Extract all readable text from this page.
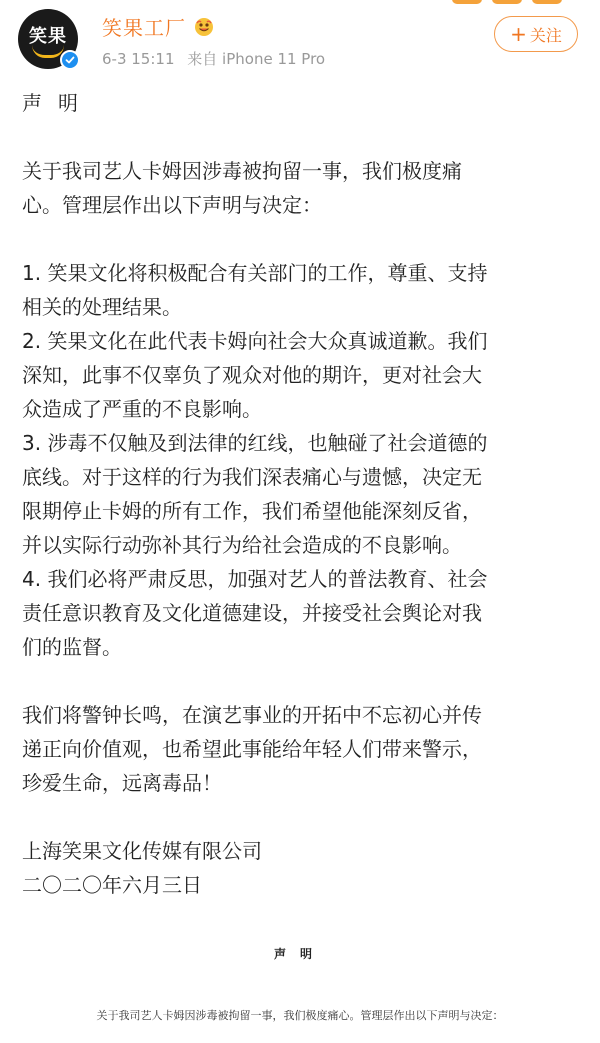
笑果 笑果工厂
6-3 15:11 来自 iPhone 11 Pro
+ 关注

声明

关于我司艺人卡姆因涉毒被拘留一事，我们极度痛

心。管理层作出以下声明与决定：

1. 笑果文化将积极配合有关部门的工作，尊重、支持

相关的处理结果。

2. 笑果文化在此代表卡姆向社会大众真诚道歉。我们

深知，此事不仅辜负了观众对他的期许，更对社会大

众造成了严重的不良影响。

3. 涉毒不仅触及到法律的红线，也触碰了社会道德的

底线。对于这样的行为我们深表痛心与遗憾，决定无

限期停止卡姆的所有工作，我们希望他能深刻反省，

并以实际行动弥补其行为给社会造成的不良影响。

4. 我们必将严肃反思，加强对艺人的普法教育、社会

责任意识教育及文化道德建设，并接受社会舆论对我

们的监督。

我们将警钟长鸣，在演艺事业的开拓中不忘初心并传

递正向价值观，也希望此事能给年轻人们带来警示，

珍爱生命，远离毒品！

上海笑果文化传媒有限公司

二〇二〇年六月三日

声明
关于我司艺人卡姆因涉毒被拘留一事，我们极度痛心。管理层作出以下声明与决定：
